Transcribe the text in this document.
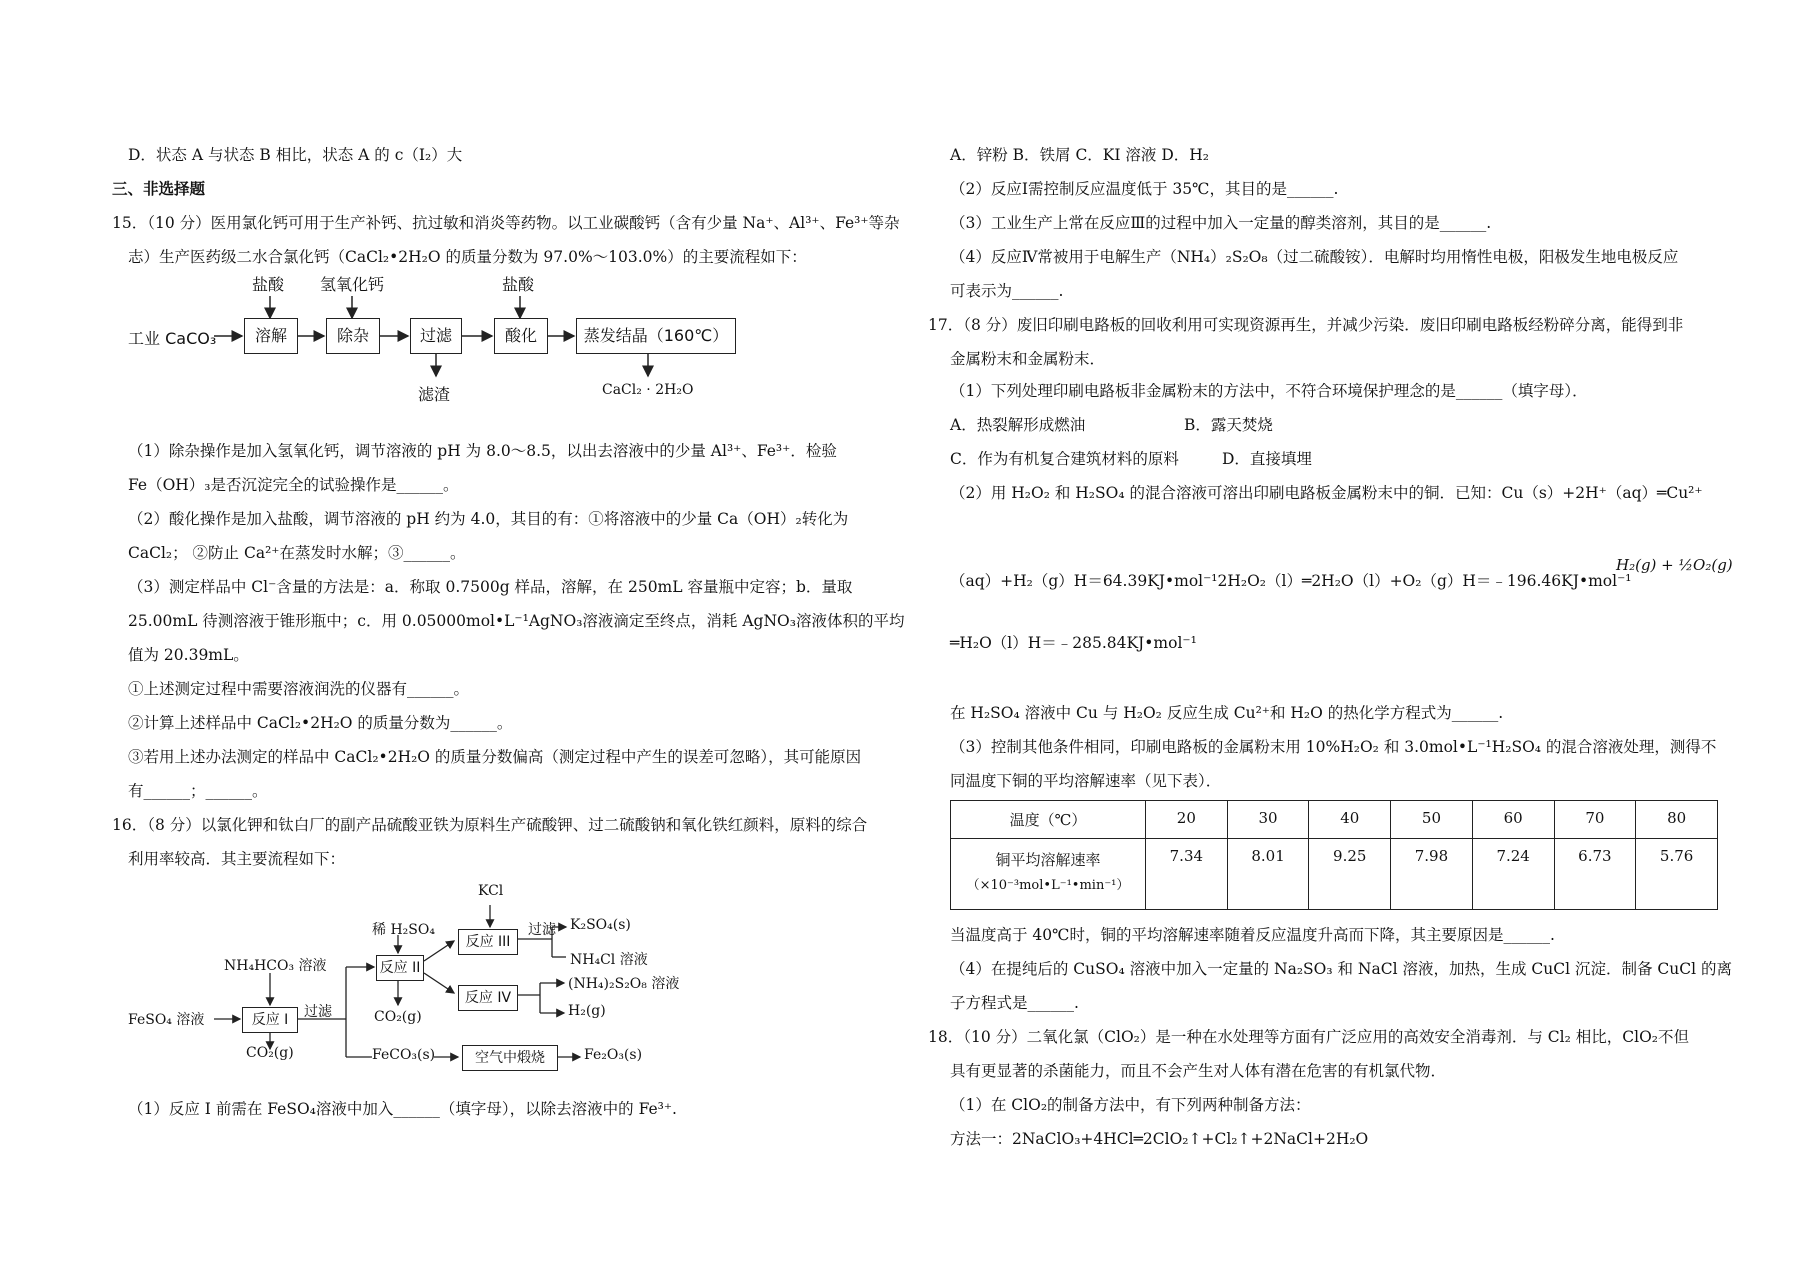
D．状态 A 与状态 B 相比，状态 A 的 c（I₂）大
三、非选择题
15．（10 分）医用氯化钙可用于生产补钙、抗过敏和消炎等药物。以工业碳酸钙（含有少量 Na⁺、Al³⁺、Fe³⁺等杂
志）生产医药级二水合氯化钙（CaCl₂•2H₂O 的质量分数为 97.0%～103.0%）的主要流程如下：
工业 CaCO₃	溶解	除杂	过滤	酸化	蒸发结晶（160℃）
盐酸 氢氧化钙	盐酸
滤渣	CaCl₂ · 2H₂O
（1）除杂操作是加入氢氧化钙，调节溶液的 pH 为 8.0～8.5，以出去溶液中的少量 Al³⁺、Fe³⁺．检验
Fe（OH）₃是否沉淀完全的试验操作是______。
（2）酸化操作是加入盐酸，调节溶液的 pH 约为 4.0，其目的有：①将溶液中的少量 Ca（OH）₂转化为
CaCl₂； ②防止 Ca²⁺在蒸发时水解；③______。
（3）测定样品中 Cl⁻含量的方法是：a．称取 0.7500g 样品，溶解，在 250mL 容量瓶中定容；b．量取
25.00mL 待测溶液于锥形瓶中；c．用 0.05000mol•L⁻¹AgNO₃溶液滴定至终点，消耗 AgNO₃溶液体积的平均
值为 20.39mL。
①上述测定过程中需要溶液润洗的仪器有______。
②计算上述样品中 CaCl₂•2H₂O 的质量分数为______。
③若用上述办法测定的样品中 CaCl₂•2H₂O 的质量分数偏高（测定过程中产生的误差可忽略），其可能原因
有______；______。
16．（8 分）以氯化钾和钛白厂的副产品硫酸亚铁为原料生产硫酸钾、过二硫酸钠和氧化铁红颜料，原料的综合
利用率较高．其主要流程如下：
FeSO₄ 溶液
NH₄HCO₃ 溶液
反应 I
CO₂(g)
过滤
稀 H₂SO₄
反应 II
CO₂(g)
KCl
反应 III
过滤 K₂SO₄(s)
NH₄Cl 溶液
反应 IV
(NH₄)₂S₂O₈ 溶液
H₂(g)
FeCO₃(s)	空气中煅烧	Fe₂O₃(s)
（1）反应 I 前需在 FeSO₄溶液中加入______（填字母），以除去溶液中的 Fe³⁺.
A．锌粉 B．铁屑 C．KI 溶液 D．H₂
（2）反应Ⅰ需控制反应温度低于 35℃，其目的是______.
（3）工业生产上常在反应Ⅲ的过程中加入一定量的醇类溶剂，其目的是______.
（4）反应Ⅳ常被用于电解生产（NH₄）₂S₂O₈（过二硫酸铵）．电解时均用惰性电极，阳极发生地电极反应
可表示为______.
17．（8 分）废旧印刷电路板的回收利用可实现资源再生，并减少污染．废旧印刷电路板经粉碎分离，能得到非
金属粉末和金属粉末．
（1）下列处理印刷电路板非金属粉末的方法中，不符合环境保护理念的是______（填字母）．
A．热裂解形成燃油	B．露天焚烧
C．作为有机复合建筑材料的原料	D．直接填埋
（2）用 H₂O₂ 和 H₂SO₄ 的混合溶液可溶出印刷电路板金属粉末中的铜．已知：Cu（s）+2H⁺（aq）═Cu²⁺
（aq）+H₂（g）H＝64.39KJ•mol⁻¹2H₂O₂（l）═2H₂O（l）+O₂（g）H＝﹣196.46KJ•mol⁻¹
H₂(g) + ½O₂(g)
═H₂O（l）H＝﹣285.84KJ•mol⁻¹
在 H₂SO₄ 溶液中 Cu 与 H₂O₂ 反应生成 Cu²⁺和 H₂O 的热化学方程式为______.
（3）控制其他条件相同，印刷电路板的金属粉末用 10%H₂O₂ 和 3.0mol•L⁻¹H₂SO₄ 的混合溶液处理，测得不
同温度下铜的平均溶解速率（见下表）．
温度（℃）	20	30	40	50	60	70	80

铜平均溶解速率
（×10⁻³mol•L⁻¹•min⁻¹）	7.34	8.01	9.25	7.98	7.24	6.73	5.76
当温度高于 40℃时，铜的平均溶解速率随着反应温度升高而下降，其主要原因是______.
（4）在提纯后的 CuSO₄ 溶液中加入一定量的 Na₂SO₃ 和 NaCl 溶液，加热，生成 CuCl 沉淀．制备 CuCl 的离
子方程式是______.
18．（10 分）二氧化氯（ClO₂）是一种在水处理等方面有广泛应用的高效安全消毒剂．与 Cl₂ 相比，ClO₂不但
具有更显著的杀菌能力，而且不会产生对人体有潜在危害的有机氯代物．
（1）在 ClO₂的制备方法中，有下列两种制备方法：
方法一：2NaClO₃+4HCl═2ClO₂↑+Cl₂↑+2NaCl+2H₂O
